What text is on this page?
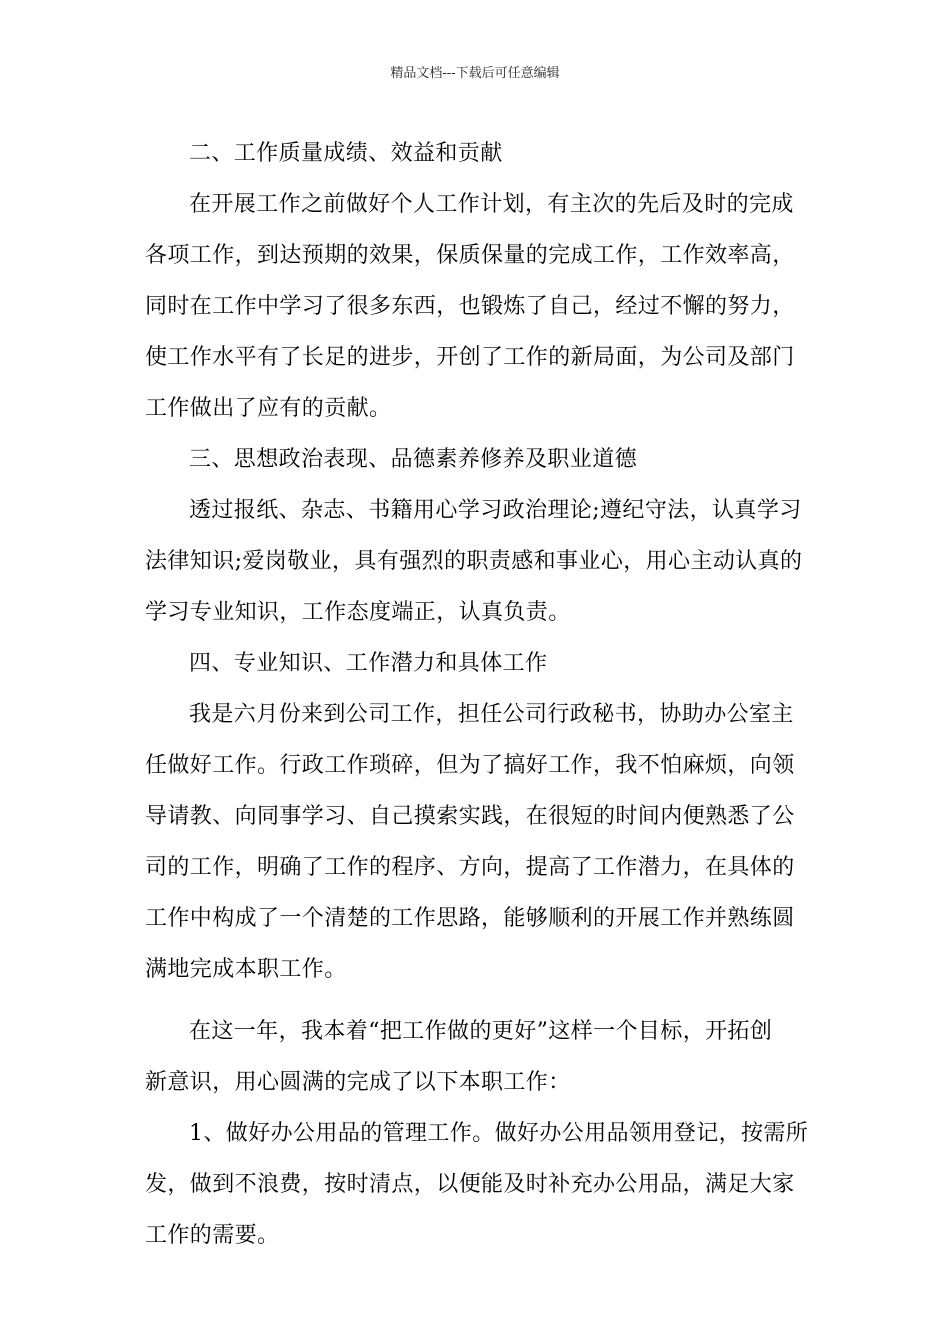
精品文档---下载后可任意编辑
二、工作质量成绩、效益和贡献
在开展工作之前做好个人工作计划，有主次的先后及时的完成
各项工作，到达预期的效果，保质保量的完成工作，工作效率高，
同时在工作中学习了很多东西，也锻炼了自己，经过不懈的努力，
使工作水平有了长足的进步，开创了工作的新局面，为公司及部门
工作做出了应有的贡献。
三、思想政治表现、品德素养修养及职业道德
透过报纸、杂志、书籍用心学习政治理论;遵纪守法，认真学习
法律知识;爱岗敬业，具有强烈的职责感和事业心，用心主动认真的
学习专业知识，工作态度端正，认真负责。
四、专业知识、工作潜力和具体工作
我是六月份来到公司工作，担任公司行政秘书，协助办公室主
任做好工作。行政工作琐碎，但为了搞好工作，我不怕麻烦，向领
导请教、向同事学习、自己摸索实践，在很短的时间内便熟悉了公
司的工作，明确了工作的程序、方向，提高了工作潜力，在具体的
工作中构成了一个清楚的工作思路，能够顺利的开展工作并熟练圆
满地完成本职工作。
在这一年，我本着“把工作做的更好”这样一个目标，开拓创
新意识，用心圆满的完成了以下本职工作：
1、做好办公用品的管理工作。做好办公用品领用登记，按需所
发，做到不浪费，按时清点，以便能及时补充办公用品，满足大家
工作的需要。
